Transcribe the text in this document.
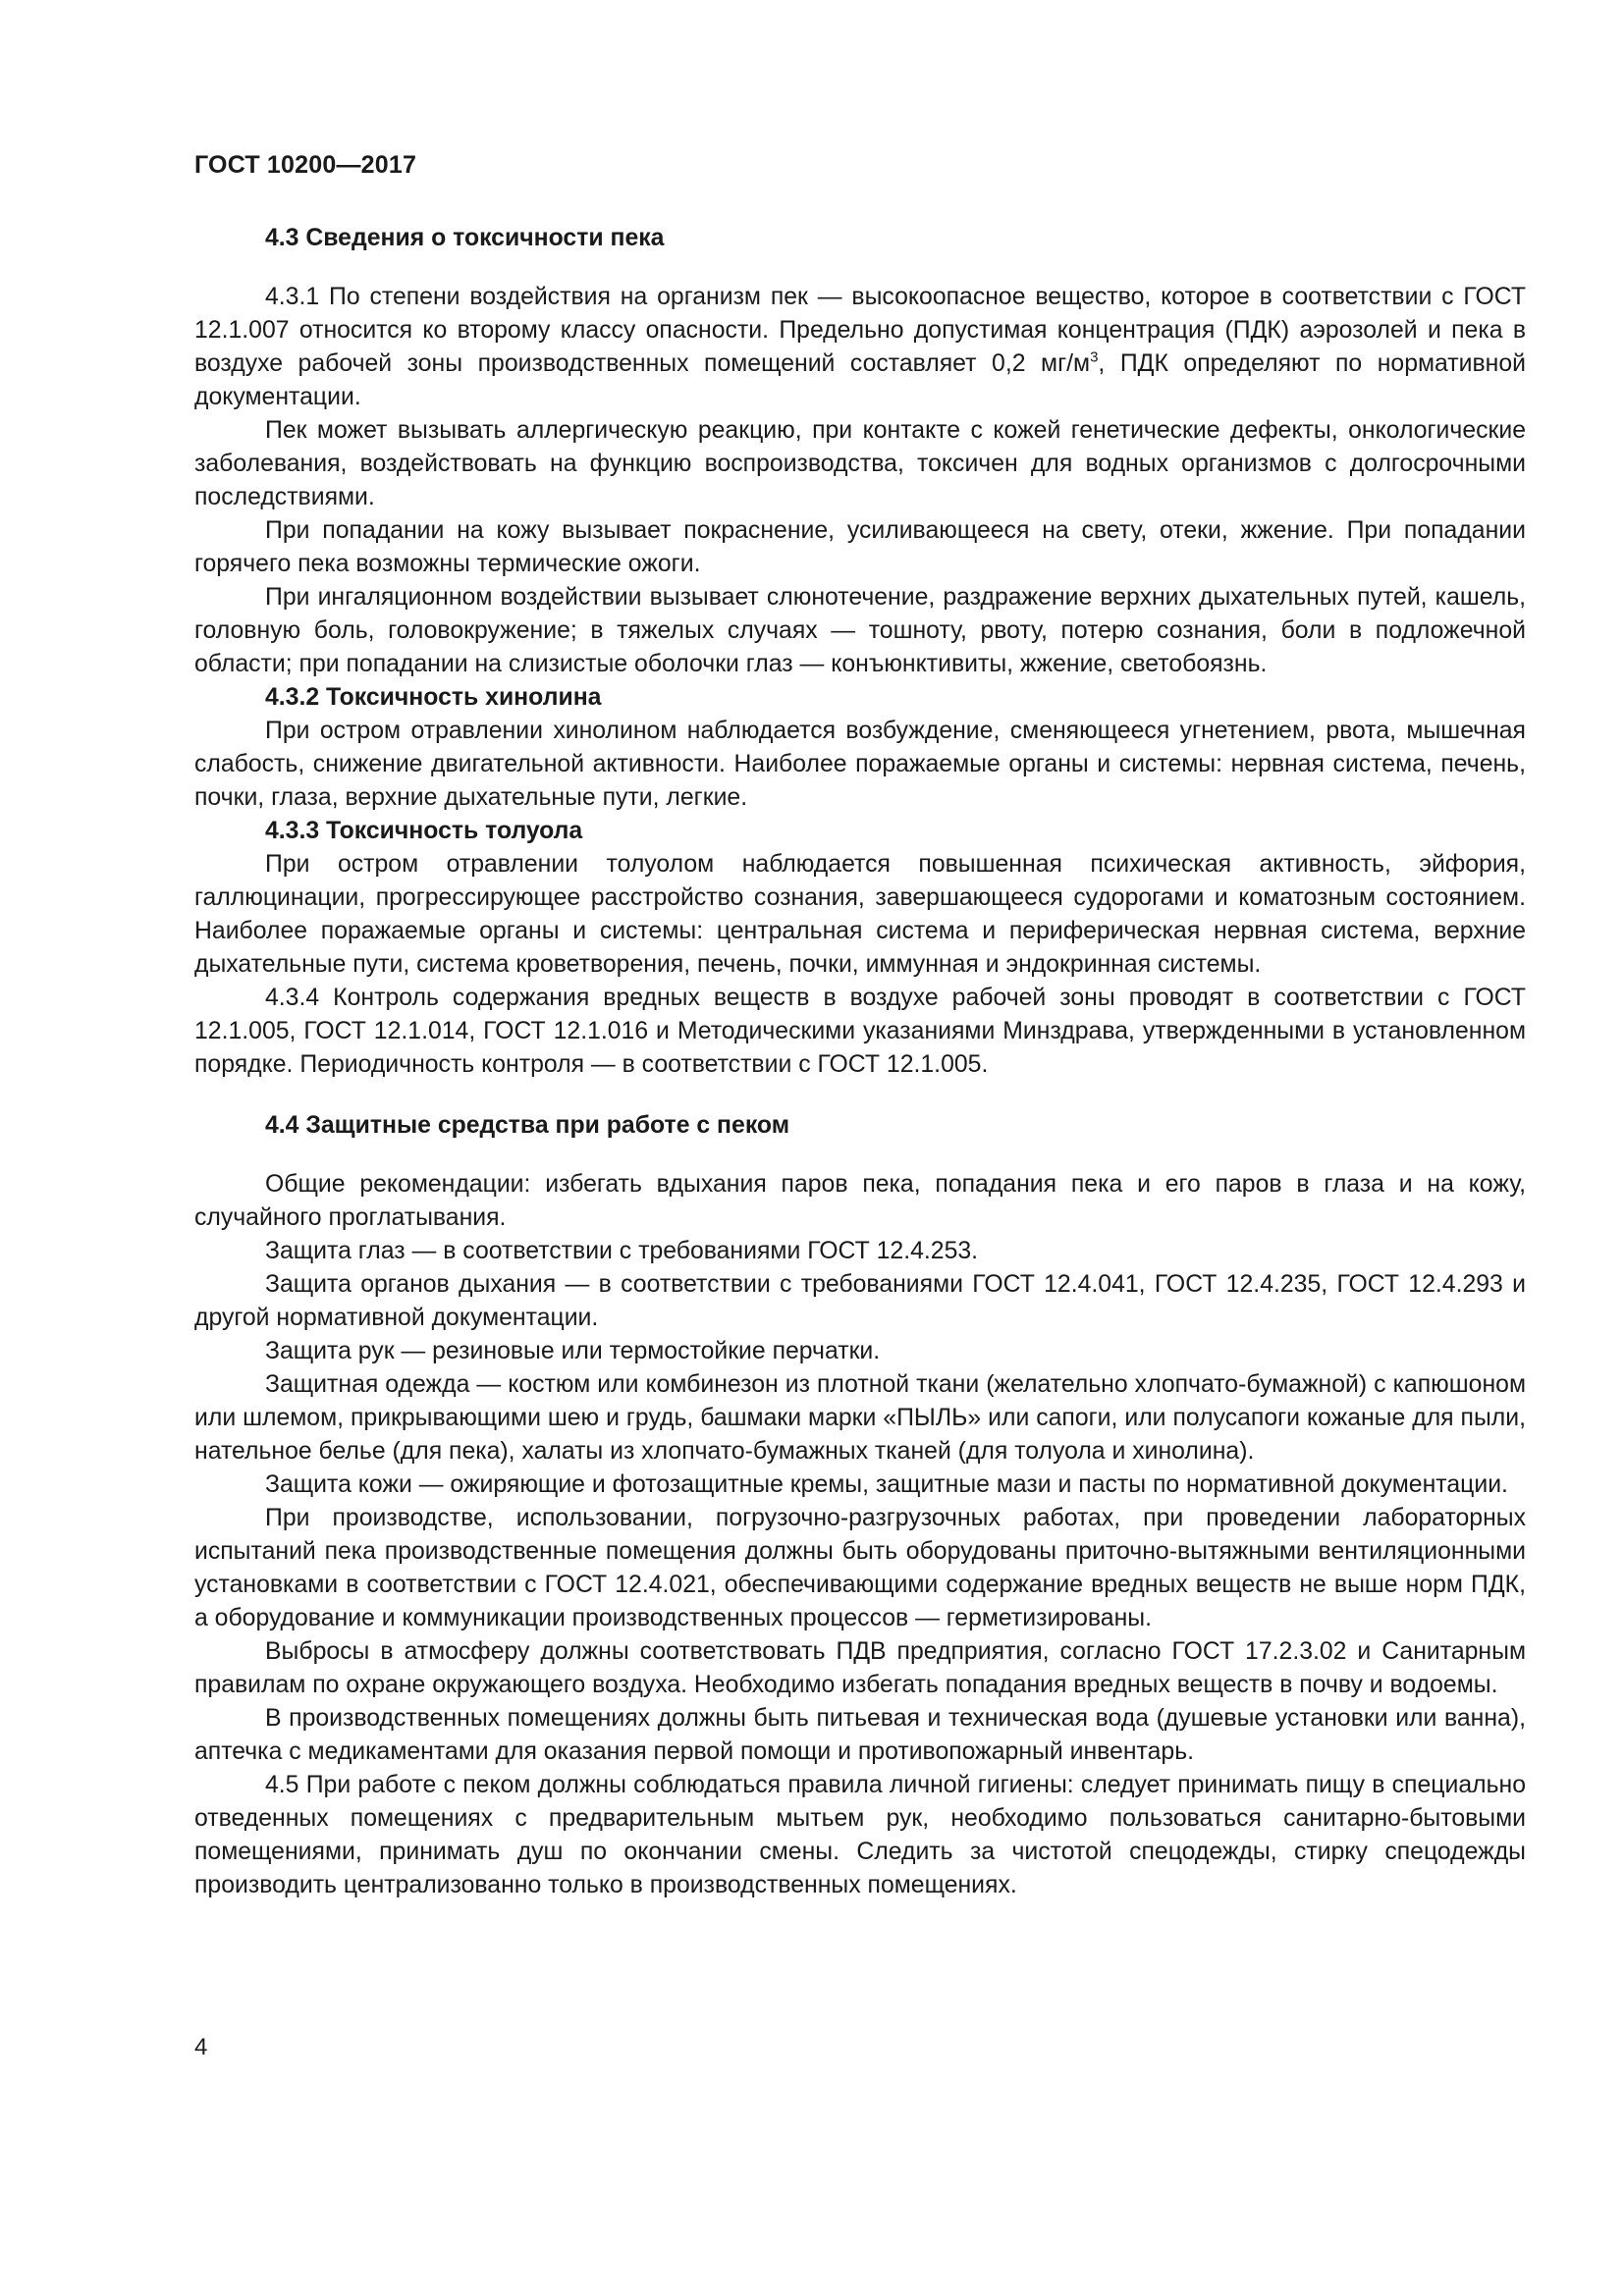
ГОСТ 10200—2017
4.3 Сведения о токсичности пека

4.3.1 По степени воздействия на организм пек — высокоопасное вещество, которое в соответствии с ГОСТ 12.1.007 относится ко второму классу опасности. Предельно допустимая концентрация (ПДК) аэрозолей и пека в воздухе рабочей зоны производственных помещений составляет 0,2 $мг/м^3$, ПДК определяют по нормативной документации.

Пек может вызывать аллергическую реакцию, при контакте с кожей генетические дефекты, онкологические заболевания, воздействовать на функцию воспроизводства, токсичен для водных организмов с долгосрочными последствиями.

При попадании на кожу вызывает покраснение, усиливающееся на свету, отеки, жжение. При попадании горячего пека возможны термические ожоги.

При ингаляционном воздействии вызывает слюнотечение, раздражение верхних дыхательных путей, кашель, головную боль, головокружение; в тяжелых случаях — тошноту, рвоту, потерю сознания, боли в подложечной области; при попадании на слизистые оболочки глаз — конъюнктивиты, жжение, светобоязнь.

4.3.2 Токсичность хинолина

При остром отравлении хинолином наблюдается возбуждение, сменяющееся угнетением, рвота, мышечная слабость, снижение двигательной активности. Наиболее поражаемые органы и системы: нервная система, печень, почки, глаза, верхние дыхательные пути, легкие.

4.3.3 Токсичность толуола

При остром отравлении толуолом наблюдается повышенная психическая активность, эйфория, галлюцинации, прогрессирующее расстройство сознания, завершающееся судорогами и коматозным состоянием. Наиболее поражаемые органы и системы: центральная система и периферическая нервная система, верхние дыхательные пути, система кроветворения, печень, почки, иммунная и эндокринная системы.

4.3.4 Контроль содержания вредных веществ в воздухе рабочей зоны проводят в соответствии с ГОСТ 12.1.005, ГОСТ 12.1.014, ГОСТ 12.1.016 и Методическими указаниями Минздрава, утвержденными в установленном порядке. Периодичность контроля — в соответствии с ГОСТ 12.1.005.

4.4 Защитные средства при работе с пеком

Общие рекомендации: избегать вдыхания паров пека, попадания пека и его паров в глаза и на кожу, случайного проглатывания.

Защита глаз — в соответствии с требованиями ГОСТ 12.4.253.

Защита органов дыхания — в соответствии с требованиями ГОСТ 12.4.041, ГОСТ 12.4.235, ГОСТ 12.4.293 и другой нормативной документации.

Защита рук — резиновые или термостойкие перчатки.

Защитная одежда — костюм или комбинезон из плотной ткани (желательно хлопчато-бумажной) с капюшоном или шлемом, прикрывающими шею и грудь, башмаки марки «ПЫЛЬ» или сапоги, или полусапоги кожаные для пыли, нательное белье (для пека), халаты из хлопчато-бумажных тканей (для толуола и хинолина).

Защита кожи — ожиряющие и фотозащитные кремы, защитные мази и пасты по нормативной документации.

При производстве, использовании, погрузочно-разгрузочных работах, при проведении лабораторных испытаний пека производственные помещения должны быть оборудованы приточно-вытяжными вентиляционными установками в соответствии с ГОСТ 12.4.021, обеспечивающими содержание вредных веществ не выше норм ПДК, а оборудование и коммуникации производственных процессов — герметизированы.

Выбросы в атмосферу должны соответствовать ПДВ предприятия, согласно ГОСТ 17.2.3.02 и Санитарным правилам по охране окружающего воздуха. Необходимо избегать попадания вредных веществ в почву и водоемы.

В производственных помещениях должны быть питьевая и техническая вода (душевые установки или ванна), аптечка с медикаментами для оказания первой помощи и противопожарный инвентарь.

4.5 При работе с пеком должны соблюдаться правила личной гигиены: следует принимать пищу в специально отведенных помещениях с предварительным мытьем рук, необходимо пользоваться санитарно-бытовыми помещениями, принимать душ по окончании смены. Следить за чистотой спецодежды, стирку спецодежды производить централизованно только в производственных помещениях.

4
